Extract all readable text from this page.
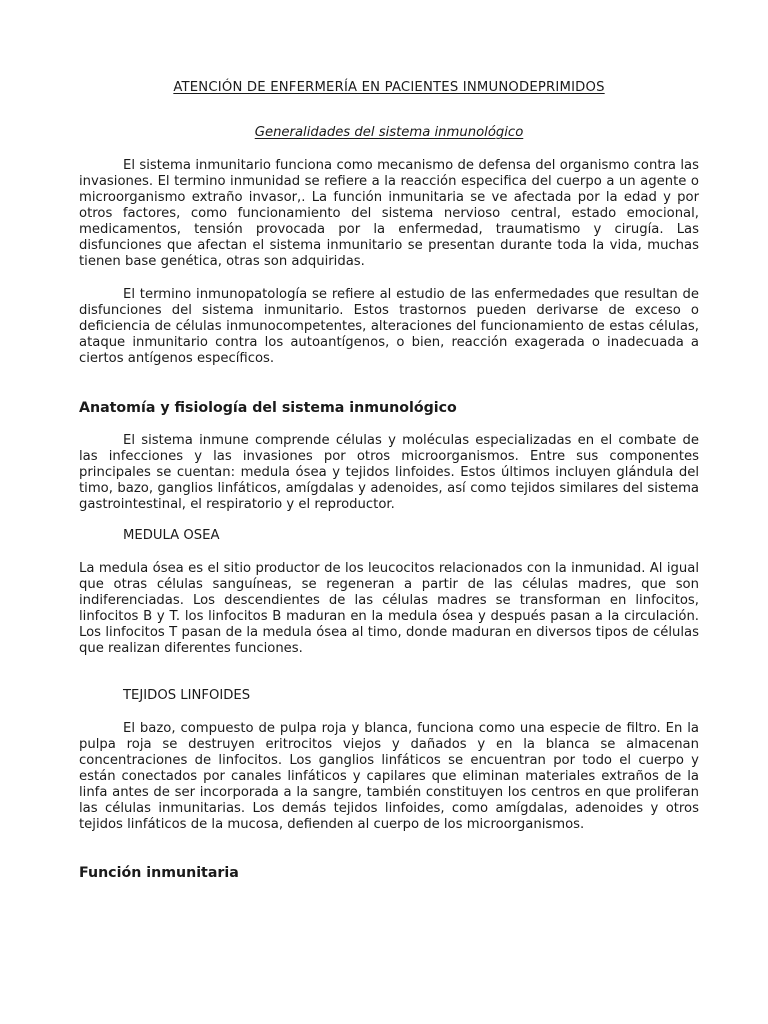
ATENCIÓN DE ENFERMERÍA EN PACIENTES INMUNODEPRIMIDOS
Generalidades del sistema inmunológico

El sistema inmunitario funciona como mecanismo de defensa del organismo contra las invasiones. El termino inmunidad se refiere a la reacción especifica del cuerpo a un agente o microorganismo extraño invasor,. La función inmunitaria se ve afectada por la edad y por otros factores, como funcionamiento del sistema nervioso central, estado emocional, medicamentos, tensión provocada por la enfermedad, traumatismo y cirugía. Las disfunciones que afectan el sistema inmunitario se presentan durante toda la vida, muchas tienen base genética, otras son adquiridas.

El termino inmunopatología se refiere al estudio de las enfermedades que resultan de disfunciones del sistema inmunitario. Estos trastornos pueden derivarse de exceso o deficiencia de células inmunocompetentes, alteraciones del funcionamiento de estas células, ataque inmunitario contra los autoantígenos, o bien, reacción exagerada o inadecuada a ciertos antígenos específicos.

Anatomía y fisiología del sistema inmunológico

El sistema inmune comprende células y moléculas especializadas en el combate de las infecciones y las invasiones por otros microorganismos. Entre sus componentes principales se cuentan: medula ósea y tejidos linfoides. Estos últimos incluyen glándula del timo, bazo, ganglios linfáticos, amígdalas y adenoides, así como tejidos similares del sistema gastrointestinal, el respiratorio y el reproductor.

MEDULA OSEA

La medula ósea es el sitio productor de los leucocitos relacionados con la inmunidad. Al igual que otras células sanguíneas, se regeneran a partir de las células madres, que son indiferenciadas. Los descendientes de las células madres se transforman en linfocitos, linfocitos B y T. los linfocitos B maduran en la medula ósea y después pasan a la circulación. Los linfocitos T pasan de la medula ósea al timo, donde maduran en diversos tipos de células que realizan diferentes funciones.

TEJIDOS LINFOIDES

El bazo, compuesto de pulpa roja y blanca, funciona como una especie de filtro. En la pulpa roja se destruyen eritrocitos viejos y dañados y en la blanca se almacenan concentraciones de linfocitos. Los ganglios linfáticos se encuentran por todo el cuerpo y están conectados por canales linfáticos y capilares que eliminan materiales extraños de la linfa antes de ser incorporada a la sangre, también constituyen los centros en que proliferan las células inmunitarias. Los demás tejidos linfoides, como amígdalas, adenoides y otros tejidos linfáticos de la mucosa, defienden al cuerpo de los microorganismos.

Función inmunitaria
